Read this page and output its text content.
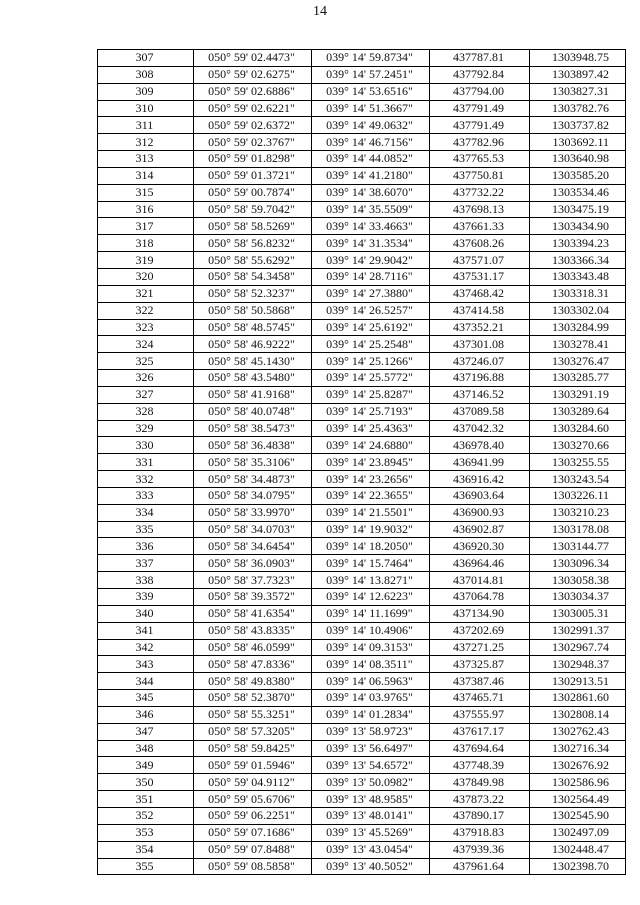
14
307	050° 59' 02.4473"	039° 14' 59.8734"	437787.81	1303948.75
308	050° 59' 02.6275"	039° 14' 57.2451"	437792.84	1303897.42
309	050° 59' 02.6886"	039° 14' 53.6516"	437794.00	1303827.31
310	050° 59' 02.6221"	039° 14' 51.3667"	437791.49	1303782.76
311	050° 59' 02.6372"	039° 14' 49.0632"	437791.49	1303737.82
312	050° 59' 02.3767"	039° 14' 46.7156"	437782.96	1303692.11
313	050° 59' 01.8298"	039° 14' 44.0852"	437765.53	1303640.98
314	050° 59' 01.3721"	039° 14' 41.2180"	437750.81	1303585.20
315	050° 59' 00.7874"	039° 14' 38.6070"	437732.22	1303534.46
316	050° 58' 59.7042"	039° 14' 35.5509"	437698.13	1303475.19
317	050° 58' 58.5269"	039° 14' 33.4663"	437661.33	1303434.90
318	050° 58' 56.8232"	039° 14' 31.3534"	437608.26	1303394.23
319	050° 58' 55.6292"	039° 14' 29.9042"	437571.07	1303366.34
320	050° 58' 54.3458"	039° 14' 28.7116"	437531.17	1303343.48
321	050° 58' 52.3237"	039° 14' 27.3880"	437468.42	1303318.31
322	050° 58' 50.5868"	039° 14' 26.5257"	437414.58	1303302.04
323	050° 58' 48.5745"	039° 14' 25.6192"	437352.21	1303284.99
324	050° 58' 46.9222"	039° 14' 25.2548"	437301.08	1303278.41
325	050° 58' 45.1430"	039° 14' 25.1266"	437246.07	1303276.47
326	050° 58' 43.5480"	039° 14' 25.5772"	437196.88	1303285.77
327	050° 58' 41.9168"	039° 14' 25.8287"	437146.52	1303291.19
328	050° 58' 40.0748"	039° 14' 25.7193"	437089.58	1303289.64
329	050° 58' 38.5473"	039° 14' 25.4363"	437042.32	1303284.60
330	050° 58' 36.4838"	039° 14' 24.6880"	436978.40	1303270.66
331	050° 58' 35.3106"	039° 14' 23.8945"	436941.99	1303255.55
332	050° 58' 34.4873"	039° 14' 23.2656"	436916.42	1303243.54
333	050° 58' 34.0795"	039° 14' 22.3655"	436903.64	1303226.11
334	050° 58' 33.9970"	039° 14' 21.5501"	436900.93	1303210.23
335	050° 58' 34.0703"	039° 14' 19.9032"	436902.87	1303178.08
336	050° 58' 34.6454"	039° 14' 18.2050"	436920.30	1303144.77
337	050° 58' 36.0903"	039° 14' 15.7464"	436964.46	1303096.34
338	050° 58' 37.7323"	039° 14' 13.8271"	437014.81	1303058.38
339	050° 58' 39.3572"	039° 14' 12.6223"	437064.78	1303034.37
340	050° 58' 41.6354"	039° 14' 11.1699"	437134.90	1303005.31
341	050° 58' 43.8335"	039° 14' 10.4906"	437202.69	1302991.37
342	050° 58' 46.0599"	039° 14' 09.3153"	437271.25	1302967.74
343	050° 58' 47.8336"	039° 14' 08.3511"	437325.87	1302948.37
344	050° 58' 49.8380"	039° 14' 06.5963"	437387.46	1302913.51
345	050° 58' 52.3870"	039° 14' 03.9765"	437465.71	1302861.60
346	050° 58' 55.3251"	039° 14' 01.2834"	437555.97	1302808.14
347	050° 58' 57.3205"	039° 13' 58.9723"	437617.17	1302762.43
348	050° 58' 59.8425"	039° 13' 56.6497"	437694.64	1302716.34
349	050° 59' 01.5946"	039° 13' 54.6572"	437748.39	1302676.92
350	050° 59' 04.9112"	039° 13' 50.0982"	437849.98	1302586.96
351	050° 59' 05.6706"	039° 13' 48.9585"	437873.22	1302564.49
352	050° 59' 06.2251"	039° 13' 48.0141"	437890.17	1302545.90
353	050° 59' 07.1686"	039° 13' 45.5269"	437918.83	1302497.09
354	050° 59' 07.8488"	039° 13' 43.0454"	437939.36	1302448.47
355	050° 59' 08.5858"	039° 13' 40.5052"	437961.64	1302398.70
